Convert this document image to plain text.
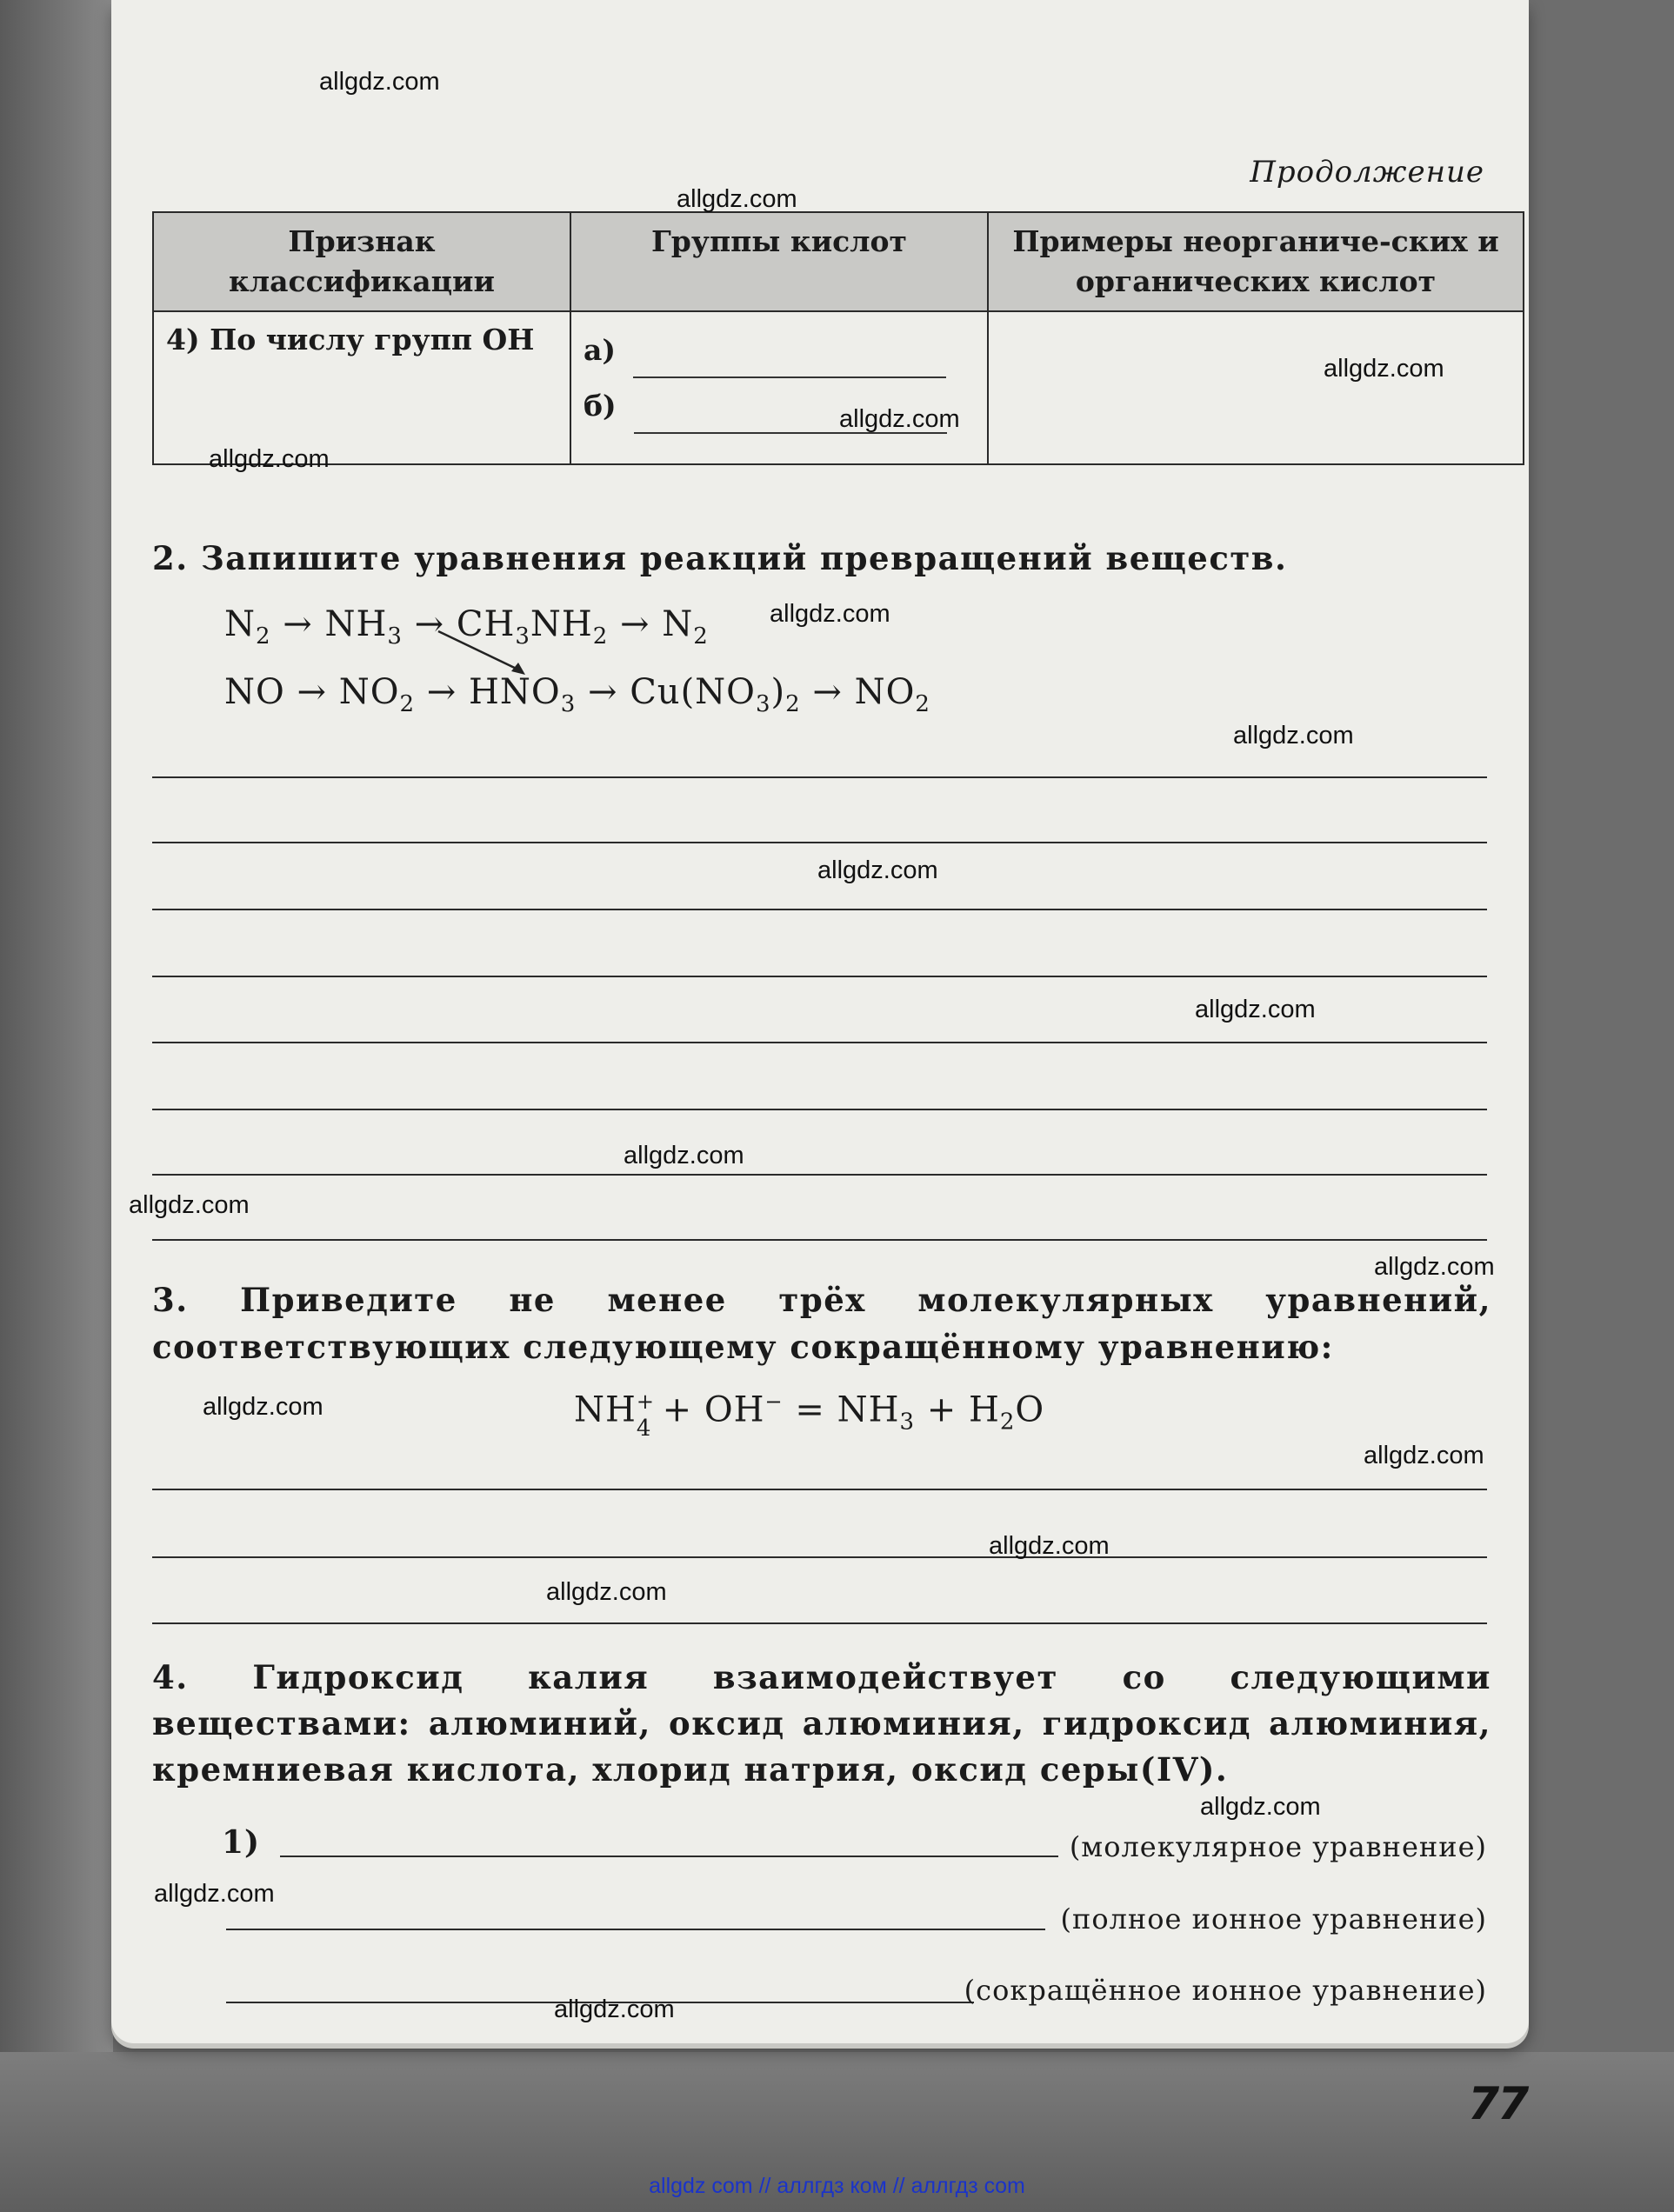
Продолжение
Признак классификации	Группы кислот	Примеры неорганиче-ских и органических кислот
4) По числу групп ОН	а)
б)	

2. Запишите уравнения реакций превращений веществ.
$N_2 \to NH_3 \to CH_3NH_2 \to N_2$
NO → $NO_2 \to HNO_3 \to Cu(NO_3)_2 \to NO_2$
3. Приведите не менее трёх молекулярных уравнений, соответствующих следующему сокращённому уравнению:
NH +
4
+ $OH^- = NH_3 + H_2O$
4. Гидроксид калия взаимодействует со следующими веществами: алюминий, оксид алюминия, гидроксид алюминия, кремниевая кислота, хлорид натрия, оксид серы(IV).
1)	(молекулярное уравнение)
(полное ионное уравнение)
(сокращённое ионное уравнение)
77
allgdz.com
allgdz.com
allgdz.com
allgdz.com
allgdz.com
allgdz.com
allgdz.com
allgdz.com
allgdz.com
allgdz.com
allgdz.com
allgdz.com
allgdz.com
allgdz.com
allgdz.com
allgdz.com
allgdz.com
allgdz.com
allgdz.com
allgdz com // аллгдз ком // аллгдз com
